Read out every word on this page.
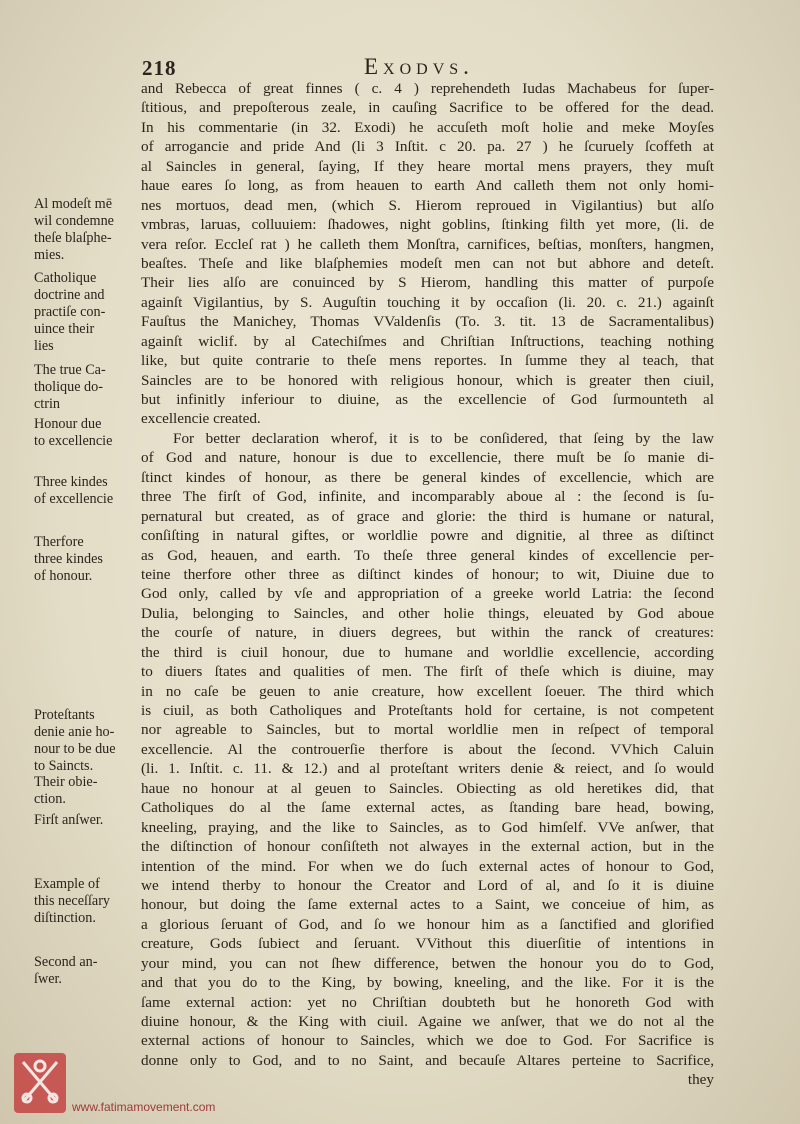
218	Exodvs.
and Rebecca of great finnes ( c. 4 ) reprehendeth Iudas Machabeus for ſuper-
ſtitious, and prepoſterous zeale, in cauſing Sacrifice to be offered for the dead.
In his commentarie (in 32. Exodi) he accuſeth moſt holie and meke Moyſes
of arrogancie and pride And (li 3 Inſtit. c 20. pa. 27 ) he ſcuruely ſcoffeth at
al Saincles in general, ſaying, If they heare mortal mens prayers, they muſt
haue eares ſo long, as from heauen to earth And calleth them not only homi-
nes mortuos, dead men, (which S. Hierom reproued in Vigilantius) but alſo
vmbras, laruas, colluuiem: ſhadowes, night goblins, ſtinking filth yet more, (li. de
vera reſor. Eccleſ rat ) he calleth them Monſtra, carnifices, beſtias, monſters, hangmen,
beaſtes. Theſe and like blaſphemies modeſt men can not but abhore and deteſt.
Their lies alſo are conuinced by S Hierom, handling this matter of purpoſe
againſt Vigilantius, by S. Auguſtin touching it by occaſion (li. 20. c. 21.) againſt
Fauſtus the Manichey, Thomas VValdenſis (To. 3. tit. 13 de Sacramentalibus)
againſt wiclif. by al Catechiſmes and Chriſtian Inſtructions, teaching nothing
like, but quite contrarie to theſe mens reportes. In ſumme they al teach, that
Saincles are to be honored with religious honour, which is greater then ciuil,
but infinitly inferiour to diuine, as the excellencie of God ſurmounteth al
excellencie created.
For better declaration wherof, it is to be conſidered, that ſeing by the law
of God and nature, honour is due to excellencie, there muſt be ſo manie di-
ſtinct kindes of honour, as there be general kindes of excellencie, which are
three The firſt of God, infinite, and incomparably aboue al : the ſecond is ſu-
pernatural but created, as of grace and glorie: the third is humane or natural,
conſiſting in natural giftes, or worldlie powre and dignitie, al three as diſtinct
as God, heauen, and earth. To theſe three general kindes of excellencie per-
teine therfore other three as diſtinct kindes of honour; to wit, Diuine due to
God only, called by vſe and appropriation of a greeke world Latria: the ſecond
Dulia, belonging to Saincles, and other holie things, eleuated by God aboue
the courſe of nature, in diuers degrees, but within the ranck of creatures:
the third is ciuil honour, due to humane and worldlie excellencie, according
to diuers ſtates and qualities of men. The firſt of theſe which is diuine, may
in no caſe be geuen to anie creature, how excellent ſoeuer. The third which
is ciuil, as both Catholiques and Proteſtants hold for certaine, is not competent
nor agreable to Saincles, but to mortal worldlie men in reſpect of temporal
excellencie. Al the controuerſie therfore is about the ſecond. VVhich Caluin
(li. 1. Inſtit. c. 11. & 12.) and al proteſtant writers denie & reiect, and ſo would
haue no honour at al geuen to Saincles. Obiecting as old heretikes did, that
Catholiques do al the ſame external actes, as ſtanding bare head, bowing,
kneeling, praying, and the like to Saincles, as to God himſelf. VVe anſwer, that
the diſtinction of honour conſiſteth not alwayes in the external action, but in the
intention of the mind. For when we do ſuch external actes of honour to God,
we intend therby to honour the Creator and Lord of al, and ſo it is diuine
honour, but doing the ſame external actes to a Saint, we conceiue of him, as
a glorious ſeruant of God, and ſo we honour him as a ſanctified and glorified
creature, Gods ſubiect and ſeruant. VVithout this diuerſitie of intentions in
your mind, you can not ſhew difference, betwen the honour you do to God,
and that you do to the King, by bowing, kneeling, and the like. For it is the
ſame external action: yet no Chriſtian doubteth but he honoreth God with
diuine honour, & the King with ciuil. Againe we anſwer, that we do not al the
external actions of honour to Saincles, which we doe to God. For Sacrifice is
donne only to God, and to no Saint, and becauſe Altares perteine to Sacrifice,
they
Al modeſt mē
wil condemne
theſe blaſphe-
mies.
Catholique
doctrine and
practiſe con-
uince their
lies
The true Ca-
tholique do-
ctrin
Honour due
to excellencie
Three kindes
of excellencie
Therfore
three kindes
of honour.
Proteſtants
denie anie ho-
nour to be due
to Saincts.
Their obie-
ction.
Firſt anſwer.
Example of
this neceſſary
diſtinction.
Second an-
ſwer.
www.fatimamovement.com
